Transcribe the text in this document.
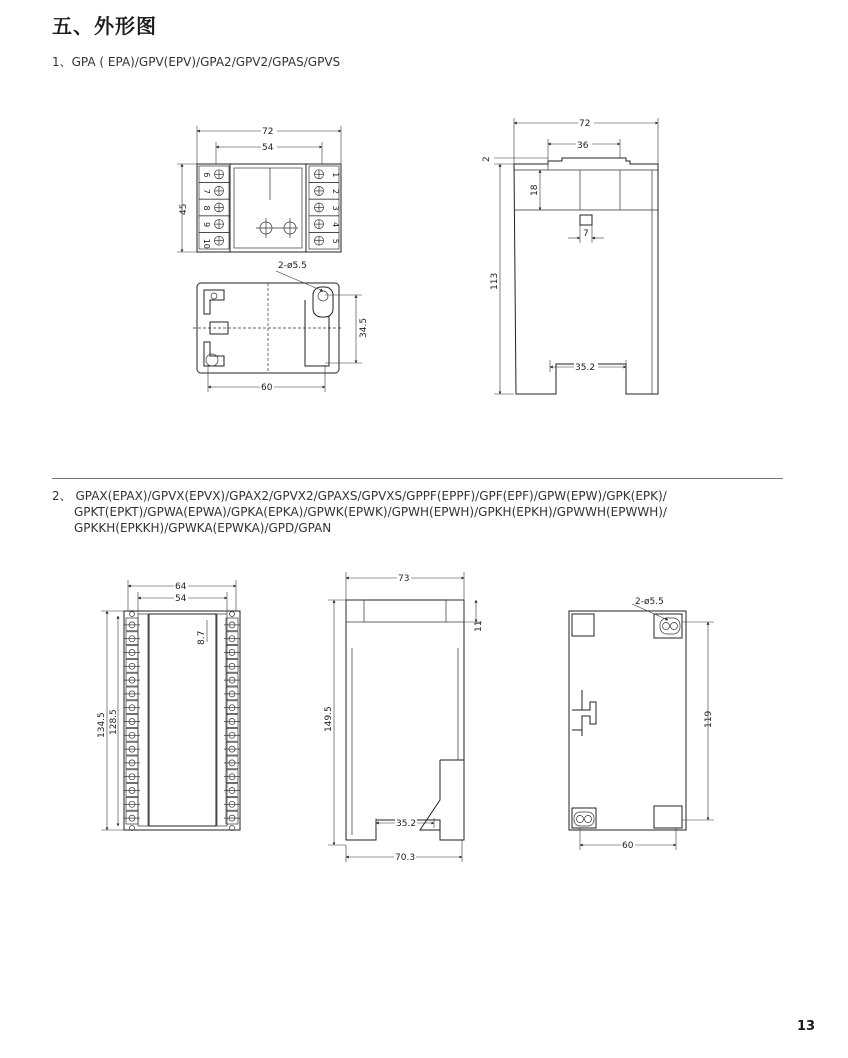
五、外形图
1、GPA ( EPA)/GPV(EPV)/GPA2/GPV2/GPAS/GPVS
2、 GPAX(EPAX)/GPVX(EPVX)/GPAX2/GPVX2/GPAXS/GPVXS/GPPF(EPPF)/GPF(EPF)/GPW(EPW)/GPK(EPK)/
GPKT(EPKT)/GPWA(EPWA)/GPKA(EPKA)/GPWK(EPWK)/GPWH(EPWH)/GPKH(EPKH)/GPWWH(EPWWH)/
GPKKH(EPKKH)/GPWKA(EPWKA)/GPD/GPAN
13
6
7
8
9
10
1
2
3
4
5
72
54
45
2-ø5.5
34.5
60
72
36
2
18
7
113
35.2
64
54
8.7
134.5 128.5
73
11
149.5
35.2
70.3
2-ø5.5
119
60
